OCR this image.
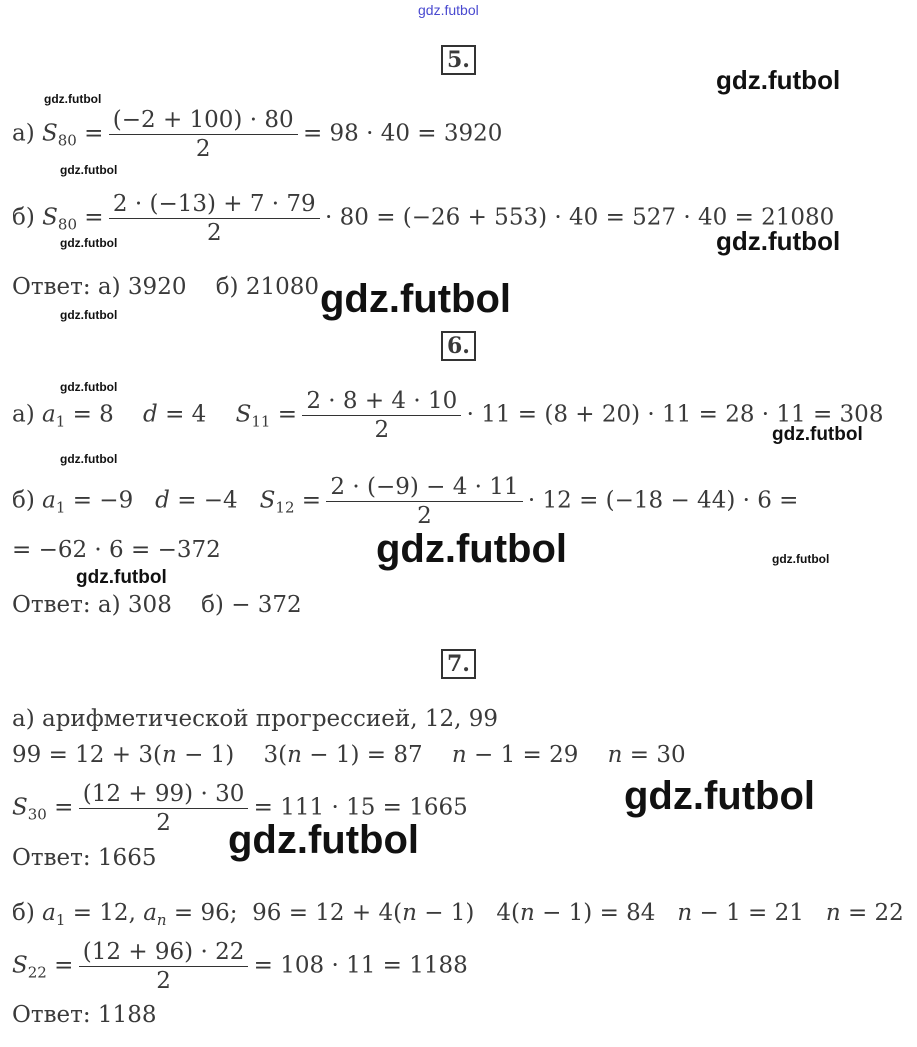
gdz.futbol
gdz.futbol
gdz.futbol
gdz.futbol
gdz.futbol	gdz.futbol
gdz.futbol
gdz.futbol
gdz.futbol
gdz.futbol
gdz.futbol
gdz.futbol	gdz.futbol
gdz.futbol
gdz.futbol
gdz.futbol
5.
а) $S_{80} = \frac{(-2 + 100) \cdot 80}{2} = 98 \cdot 40 = 3920$
б) $S_{80} = \frac{2 \cdot (-13) + 7 \cdot 79}{2} \cdot 80 = (-26 + 553) \cdot 40 = 527 \cdot 40 = 21080$
Ответ: а) 3920    б) 21080
6.
а) $a_1 = 8$ d = 4 $S_{11} = \frac{2 \cdot 8 + 4 \cdot 10}{2} \cdot 11 = (8 + 20) \cdot 11 = 28 \cdot 11 = 308$
б) $a_1 = -9$ d = −4 $S_{12} = \frac{2 \cdot (-9) - 4 \cdot 11}{2} \cdot 12 = (-18 - 44) \cdot 6$ =
= −62 · 6 = −372
Ответ: а) 308    б) − 372
7.
а) арифметической прогрессией, 12, 99
99 = 12 + 3(n − 1)    3(n − 1) = 87    n − 1 = 29    n = 30
$S_{30} = \frac{(12 + 99) \cdot 30}{2} = 111 \cdot 15 = 1665$
Ответ: 1665
б) $a_1 = 12$, $a_n = 96$; 96 = 12 + 4(n − 1)   4(n − 1) = 84   n − 1 = 21   n = 22
$S_{22} = \frac{(12 + 96) \cdot 22}{2} = 108 \cdot 11 = 1188$
Ответ: 1188
